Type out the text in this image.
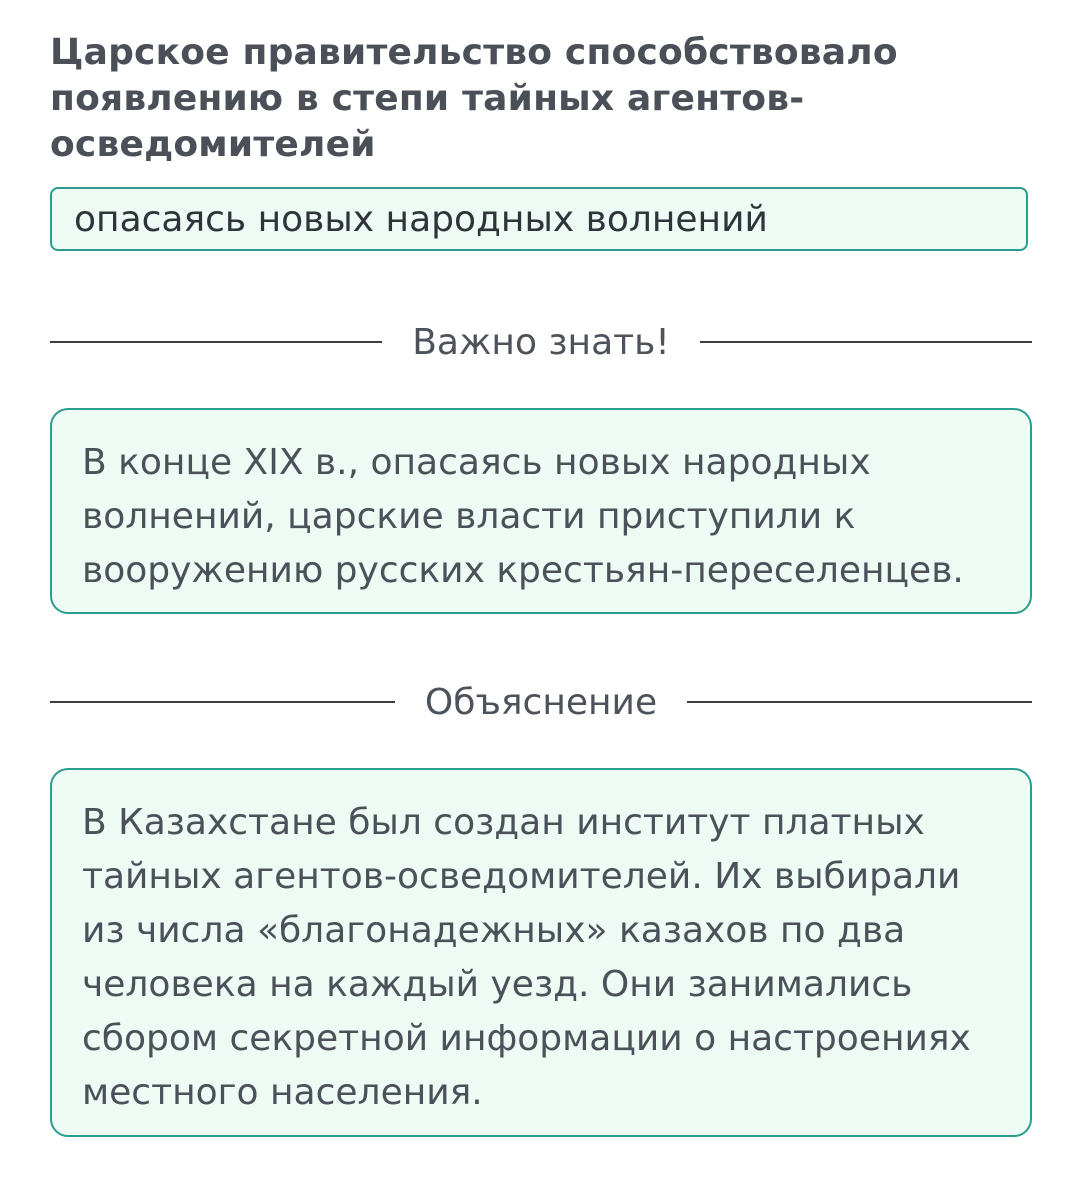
Царское правительство способствовало появлению в степи тайных агентов-осведомителей
опасаясь новых народных волнений
Важно знать!
В конце XIX в., опасаясь новых народных волнений, царские власти приступили к вооружению русских крестьян-переселенцев.
Объяснение
В Казахстане был создан институт платных тайных агентов-осведомителей. Их выбирали из числа «благонадежных» казахов по два человека на каждый уезд. Они занимались сбором секретной информации о настроениях местного населения.
